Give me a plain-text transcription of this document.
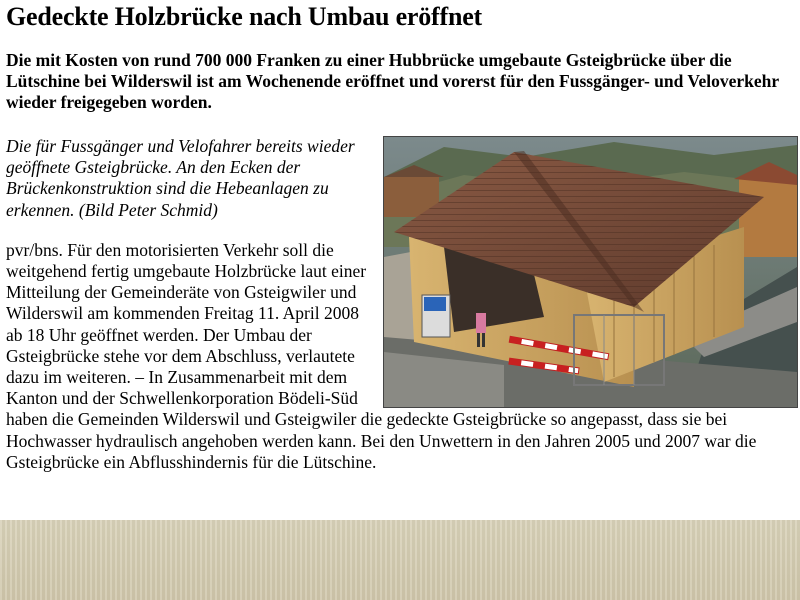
Gedeckte Holzbrücke nach Umbau eröffnet

Die mit Kosten von rund 700 000 Franken zu einer Hubbrücke umgebaute Gsteigbrücke über die Lütschine bei Wilderswil ist am Wochenende eröffnet und vorerst für den Fussgänger- und Veloverkehr wieder freigegeben worden.

Die für Fussgänger und Velofahrer bereits wieder geöffnete Gsteigbrücke. An den Ecken der Brückenkonstruktion sind die Hebeanlagen zu erkennen. (Bild Peter Schmid)

pvr/bns. Für den motorisierten Verkehr soll die weitgehend fertig umgebaute Holzbrücke laut einer Mitteilung der Gemeinderäte von Gsteigwiler und Wilderswil am kommenden Freitag 11. April 2008 ab 18 Uhr geöffnet werden. Der Umbau der Gsteigbrücke stehe vor dem Abschluss, verlautete dazu im weiteren. – In Zusammenarbeit mit dem Kanton und der Schwellenkorporation Bödeli-Süd haben die Gemeinden Wilderswil und Gsteigwiler die gedeckte Gsteigbrücke so angepasst, dass sie bei Hochwasser hydraulisch angehoben werden kann. Bei den Unwettern in den Jahren 2005 und 2007 war die Gsteigbrücke ein Abflusshindernis für die Lütschine.
